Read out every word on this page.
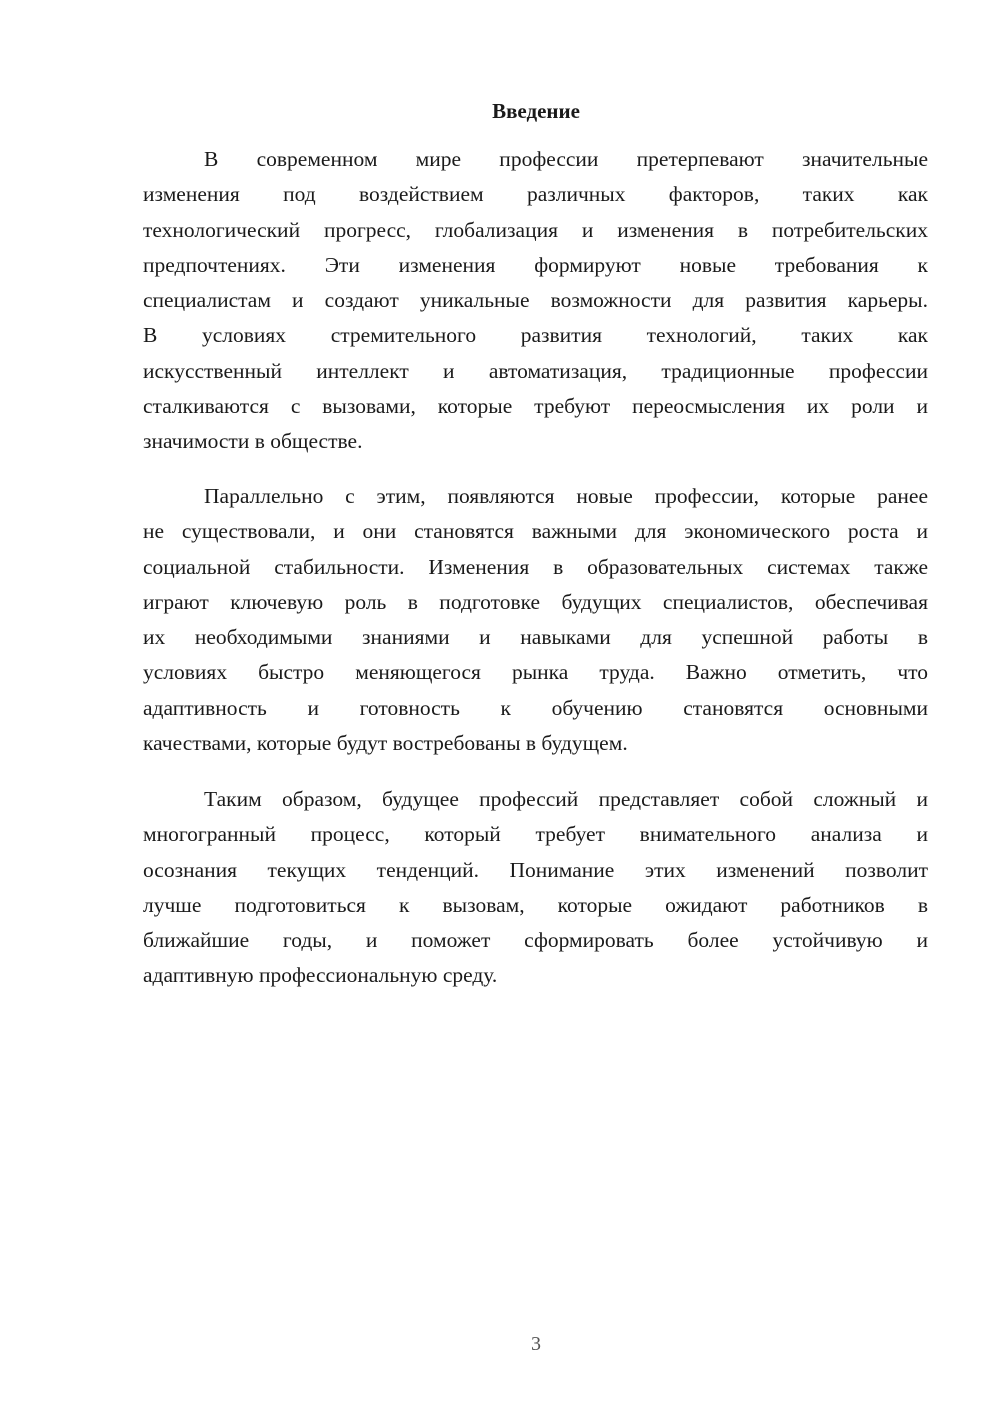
Введение
В современном мире профессии претерпевают значительные
изменения под воздействием различных факторов, таких как
технологический прогресс, глобализация и изменения в потребительских
предпочтениях. Эти изменения формируют новые требования к
специалистам и создают уникальные возможности для развития карьеры.
В условиях стремительного развития технологий, таких как
искусственный интеллект и автоматизация, традиционные профессии
сталкиваются с вызовами, которые требуют переосмысления их роли и
значимости в обществе.
Параллельно с этим, появляются новые профессии, которые ранее
не существовали, и они становятся важными для экономического роста и
социальной стабильности. Изменения в образовательных системах также
играют ключевую роль в подготовке будущих специалистов, обеспечивая
их необходимыми знаниями и навыками для успешной работы в
условиях быстро меняющегося рынка труда. Важно отметить, что
адаптивность и готовность к обучению становятся основными
качествами, которые будут востребованы в будущем.
Таким образом, будущее профессий представляет собой сложный и
многогранный процесс, который требует внимательного анализа и
осознания текущих тенденций. Понимание этих изменений позволит
лучше подготовиться к вызовам, которые ожидают работников в
ближайшие годы, и поможет сформировать более устойчивую и
адаптивную профессиональную среду.
3
